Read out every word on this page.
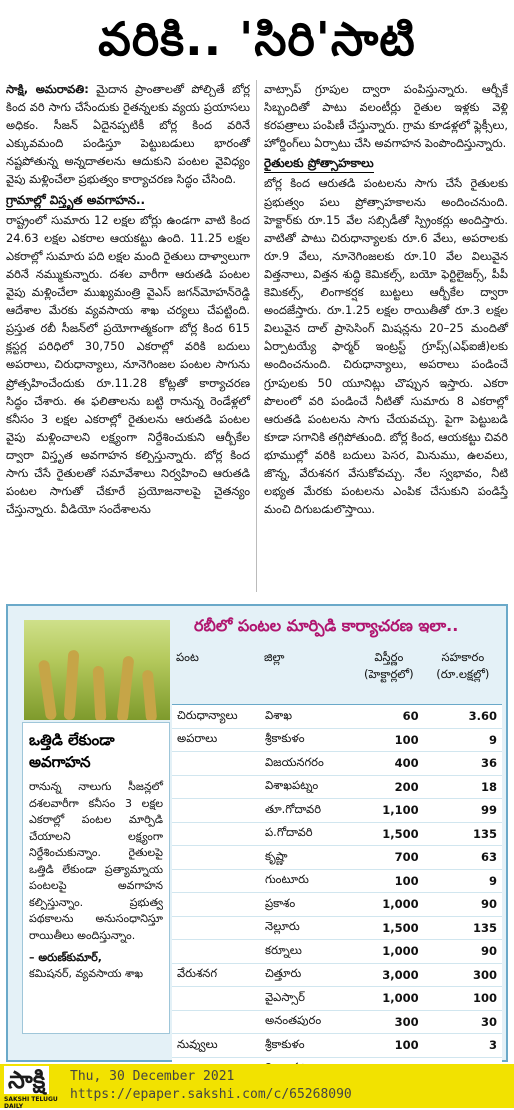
వరికి.. 'సిరి'సాటి

సాక్షి, అమరావతి: మైదాన ప్రాంతాలతో పోల్చితే బోర్ల కింద వరి సాగు చేసేందుకు రైతన్నలకు వ్యయ ప్రయాసలు అధికం. సీజన్ ఏదైనప్పటికీ బోర్ల కింద వరినే ఎక్కువమంది పండిస్తూ పెట్టుబడులు భారంతో నష్టపోతున్న అన్నదాతలను ఆదుకుని పంటల వైవిధ్యం వైపు మళ్లించేలా ప్రభుత్వం కార్యాచరణ సిద్ధం చేసింది.

గ్రామాల్లో విస్తృత అవగాహన..

రాష్ట్రంలో సుమారు 12 లక్షల బోర్లు ఉండగా వాటి కింద 24.63 లక్షల ఎకరాల ఆయకట్టు ఉంది. 11.25 లక్షల ఎకరాల్లో సుమారు పది లక్షల మంది రైతులు దాళ్వాలుగా వరినే నమ్ముకున్నారు. దశల వారీగా ఆరుతడి పంటల వైపు మళ్లించేలా ముఖ్యమంత్రి వైఎస్ జగన్‌మోహన్‌రెడ్డి ఆదేశాల మేరకు వ్యవసాయ శాఖ చర్యలు చేపట్టింది. ప్రస్తుత రబీ సీజన్‌లో ప్రయోగాత్మకంగా బోర్ల కింద 615 క్లస్టర్ల పరిధిలో 30,750 ఎకరాల్లో వరికి బదులు అపరాలు, చిరుధాన్యాలు, నూనెగింజల పంటల సాగును ప్రోత్సహించేందుకు రూ.11.28 కోట్లతో కార్యాచరణ సిద్ధం చేశారు. ఈ ఫలితాలను బట్టి రానున్న రెండేళ్లలో కనీసం 3 లక్షల ఎకరాల్లో రైతులను ఆరుతడి పంటల వైపు మళ్లించాలని లక్ష్యంగా నిర్దేశించుకుని ఆర్బీకేల ద్వారా విస్తృత అవగాహన కల్పిస్తున్నారు. బోర్ల కింద సాగు చేసే రైతులతో సమావేశాలు నిర్వహించి ఆరుతడి పంటల సాగుతో చేకూరే ప్రయోజనాలపై చైతన్యం చేస్తున్నారు. వీడియో సందేశాలను

వాట్సాప్ గ్రూపుల ద్వారా పంపిస్తున్నారు. ఆర్బీకే సిబ్బందితో పాటు వలంటీర్లు రైతుల ఇళ్లకు వెళ్లి కరపత్రాలు పంపిణీ చేస్తున్నారు. గ్రామ కూడళ్లలో ఫ్లెక్సీలు, హోర్డింగ్‌లు ఏర్పాటు చేసి అవగాహన పెంపొందిస్తున్నారు.

రైతులకు ప్రోత్సాహకాలు

బోర్ల కింద ఆరుతడి పంటలను సాగు చేసే రైతులకు ప్రభుత్వం పలు ప్రోత్సాహకాలను అందించనుంది. హెక్టార్‌కు రూ.15 వేల సబ్సిడీతో స్ప్రింకర్లు అందిస్తారు. వాటితో పాటు చిరుధాన్యాలకు రూ.6 వేలు, అపరాలకు రూ.9 వేలు, నూనెగింజలకు రూ.10 వేల విలువైన విత్తనాలు, విత్తన శుద్ధి కెమికల్స్, బయో ఫెర్టిలైజర్స్, పీపీ కెమికల్స్, లింగాకర్షక బుట్టలు ఆర్బీకేల ద్వారా అందజేస్తారు. రూ.1.25 లక్షల రాయితీతో రూ.3 లక్షల విలువైన దాల్ ప్రాసెసింగ్ మిషన్లను 20–25 మందితో ఏర్పాటయ్యే ఫార్మర్ ఇంట్రస్ట్ గ్రూప్స్(ఎఫ్ఐజీ)లకు అందించనుంది. చిరుధాన్యాలు, అపరాలు పండించే గ్రూపులకు 50 యూనిట్లు చొప్పున ఇస్తారు. ఎకరా పొలంలో వరి పండించే నీటితో సుమారు 8 ఎకరాల్లో ఆరుతడి పంటలను సాగు చేయవచ్చు. పైగా పెట్టుబడి కూడా సగానికి తగ్గిపోతుంది. బోర్ల కింద, ఆయకట్టు చివరి భూముల్లో వరికి బదులు పెసర, మినుము, ఉలవలు, జొన్న, వేరుశనగ వేసుకోవచ్చు. నేల స్వభావం, నీటి లభ్యత మేరకు పంటలను ఎంపిక చేసుకుని పండిస్తే మంచి దిగుబడులొస్తాయి.

రబీలో పంటల మార్పిడి కార్యాచరణ ఇలా..
ఒత్తిడి లేకుండా అవగాహన
రానున్న నాలుగు సీజన్లలో దశలవారీగా కనీసం 3 లక్షల ఎకరాల్లో పంటల మార్పిడి చేయాలని లక్ష్యంగా నిర్దేశించుకున్నాం. రైతులపై ఒత్తిడి లేకుండా ప్రత్యామ్నాయ పంటలపై అవగాహన కల్పిస్తున్నాం. ప్రభుత్వ పథకాలను అనుసంధానిస్తూ రాయితీలు అందిస్తున్నాం.
– అరుణ్‌కుమార్,
కమిషనర్, వ్యవసాయ శాఖ
పంట	జిల్లా	విస్తీర్ణం (హెక్టార్లలో)	సహకారం (రూ.లక్షల్లో)
చిరుధాన్యాలు	విశాఖ	60	3.60
అపరాలు	శ్రీకాకుళం	100	9
	విజయనగరం	400	36
	విశాఖపట్నం	200	18
	తూ.గోదావరి	1,100	99
	ప.గోదావరి	1,500	135
	కృష్ణా	700	63
	గుంటూరు	100	9
	ప్రకాశం	1,000	90
	నెల్లూరు	1,500	135
	కర్నూలు	1,000	90
వేరుశనగ	చిత్తూరు	3,000	300
	వైఎస్సార్	1,000	100
	అనంతపురం	300	30
నువ్వులు	శ్రీకాకుళం	100	3

సాక్షి
SAKSHI TELUGU DAILY
Thu, 30 December 2021
https://epaper.sakshi.com/c/65268090
